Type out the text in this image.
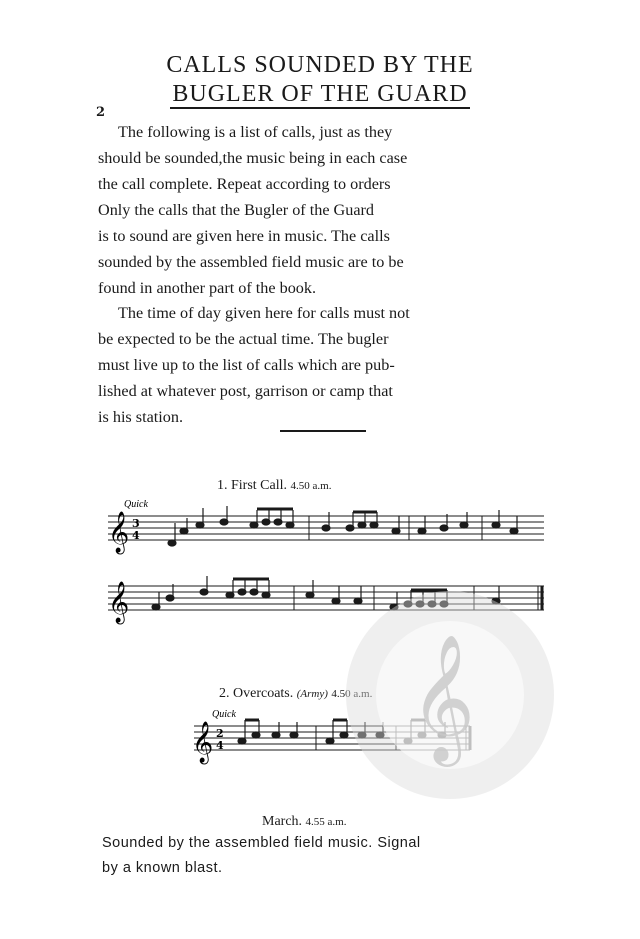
CALLS SOUNDED BY THE
BUGLER OF THE GUARD
2
The following is a list of calls, just as they
should be sounded,the music being in each case
the call complete. Repeat according to orders
Only the calls that the Bugler of the Guard
is to sound are given here in music. The calls
sounded by the assembled field music are to be
found in another part of the book.
The time of day given here for calls must not
be expected to be the actual time. The bugler
must live up to the list of calls which are pub-
lished at whatever post, garrison or camp that
is his station.
1. First Call. 4.50 a.m.
𝄞
Quick
3
4
𝄞
2. Overcoats. (Army) 4.50 a.m.
𝄞
Quick
2
4
March. 4.55 a.m.
Sounded by the assembled field music. Signal
by a known blast.
𝄞
